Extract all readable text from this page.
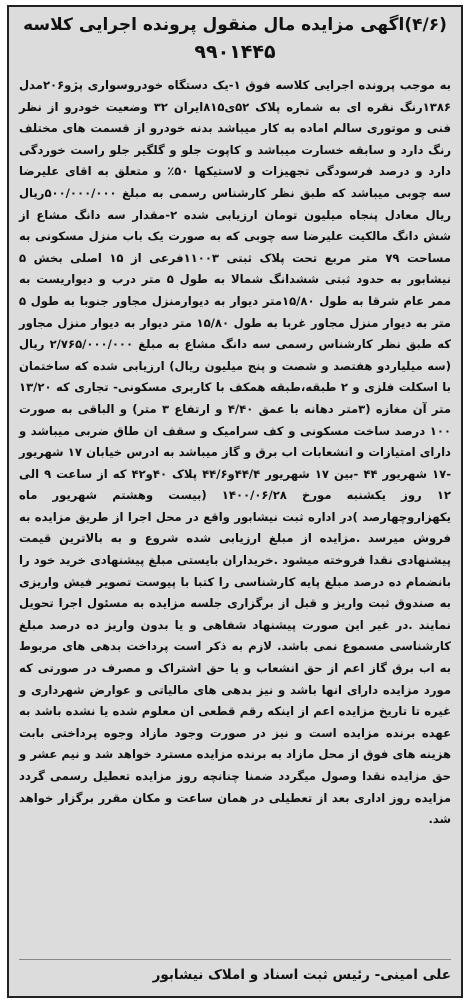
(۴/۶)اگهی مزایده مال منقول پرونده اجرایی کلاسه

۹۹۰۱۴۴۵

به موجب پرونده اجرایی کلاسه فوق ۱-یک دستگاه خودروسواری پژو۲۰۶مدل ۱۳۸۶رنگ نقره ای به شماره پلاک ۵۲ی۸۱۵ایران ۳۲ وضعیت خودرو از نظر فنی و موتوری سالم اماده به کار میباشد بدنه خودرو از قسمت های مختلف رنگ دارد و سابقه خسارت میباشد و کاپوت جلو و گلگیر جلو راست خوردگی دارد و درصد فرسودگی تجهیزات و لاستیکها ۵۰٪ و متعلق به اقای علیرضا سه چوبی میباشد که طبق نظر کارشناس رسمی به مبلغ ۵۰۰/۰۰۰/۰۰۰ریال ریال معادل پنجاه میلیون تومان ارزیابی شده ۲-مقدار سه دانگ مشاع از شش دانگ مالکیت علیرضا سه چوبی که به صورت یک باب منزل مسکونی به مساحت ۷۹ متر مربع تحت پلاک ثبتی ۱۱۰۰۳فرعی از ۱۵ اصلی بخش ۵ نیشابور به حدود ثبتی ششدانگ شمالا به طول ۵ متر درب و دیواریست به ممر عام شرقا به طول ۱۵/۸۰متر دیوار به دیوارمنزل مجاور جنوبا به طول ۵ متر به دیوار منزل مجاور غربا به طول ۱۵/۸۰ متر دیوار به دیوار منزل مجاور که طبق نظر کارشناس رسمی سه دانگ مشاع به مبلغ ۲/۷۶۵/۰۰۰/۰۰۰ ریال (سه میلیاردو هفتصد و شصت و پنج میلیون ریال) ارزیابی شده که ساختمان با اسکلت فلزی و ۲ طبقه،طبقه همکف با کاربری مسکونی- تجاری که ۱۳/۲۰ متر آن مغازه (۳متر دهانه با عمق ۴/۴۰ و ارتفاع ۳ متر) و الباقی به صورت ۱۰۰ درصد ساخت مسکونی و کف سرامیک و سقف ان طاق ضربی میباشد و دارای امتیازات و انشعابات اب برق و گاز میباشد به ادرس خیابان ۱۷ شهریور -۱۷ شهریور ۴۴ -بین ۱۷ شهریور ۴۴/۴و۴۴/۶ پلاک ۴۰و۴۲ که از ساعت ۹ الی ۱۲ روز یکشنبه مورخ ۱۴۰۰/۰۶/۲۸ (بیست وهشتم شهریور ماه یکهزاروچهارصد )در اداره ثبت نیشابور واقع در محل اجرا از طریق مزایده به فروش میرسد .مزایده از مبلغ ارزیابی شده شروع و به بالاترین قیمت پیشنهادی نقدا فروخته میشود .خریداران بایستی مبلغ پیشنهادی خرید خود را بانضمام ده درصد مبلغ پایه کارشناسی را کتبا با پیوست تصویر فیش واریزی به صندوق ثبت واریز و قبل از برگزاری جلسه مزایده به مسئول اجرا تحویل نمایند .در غیر این صورت پیشنهاد شفاهی و یا بدون واریز ده درصد مبلغ کارشناسی مسموع نمی باشد. لازم به ذکر است پرداخت بدهی های مربوط به اب برق گاز اعم از حق انشعاب و یا حق اشتراک و مصرف در صورتی که مورد مزایده دارای انها باشد و نیز بدهی های مالیاتی و عوارض شهرداری و غیره تا تاریخ مزایده اعم از اینکه رقم قطعی ان معلوم شده یا نشده باشد به عهده برنده مزایده است و نیز در صورت وجود مازاد وجوه پرداختی بابت هزینه های فوق از محل مازاد به برنده مزایده مسترد خواهد شد و نیم عشر و حق مزایده نقدا وصول میگردد ضمنا چنانچه روز مزایده تعطیل رسمی گردد مزایده روز اداری بعد از تعطیلی در همان ساعت و مکان مقرر برگزار خواهد شد.

علی امینی- رئیس ثبت اسناد و املاک نیشابور
